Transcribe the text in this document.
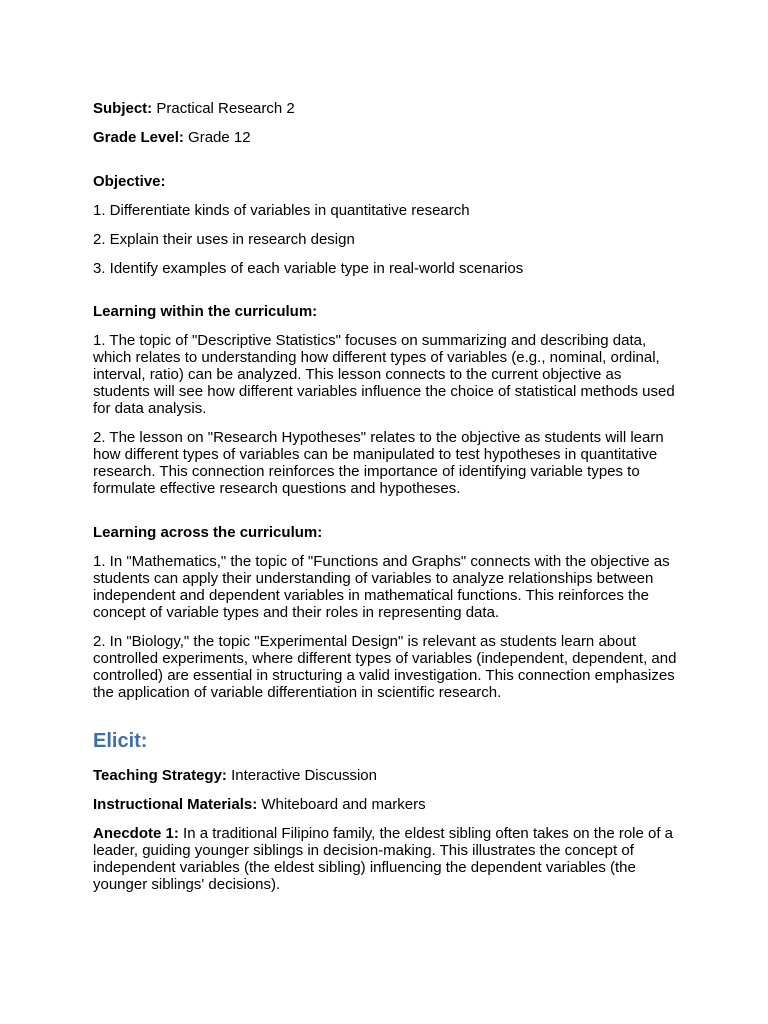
Subject: Practical Research 2

Grade Level: Grade 12

Objective:

1. Differentiate kinds of variables in quantitative research

2. Explain their uses in research design

3. Identify examples of each variable type in real-world scenarios

Learning within the curriculum:

1. The topic of "Descriptive Statistics" focuses on summarizing and describing data, which relates to understanding how different types of variables (e.g., nominal, ordinal, interval, ratio) can be analyzed. This lesson connects to the current objective as students will see how different variables influence the choice of statistical methods used for data analysis.

2. The lesson on "Research Hypotheses" relates to the objective as students will learn how different types of variables can be manipulated to test hypotheses in quantitative research. This connection reinforces the importance of identifying variable types to formulate effective research questions and hypotheses.

Learning across the curriculum:

1. In "Mathematics," the topic of "Functions and Graphs" connects with the objective as students can apply their understanding of variables to analyze relationships between independent and dependent variables in mathematical functions. This reinforces the concept of variable types and their roles in representing data.

2. In "Biology," the topic "Experimental Design" is relevant as students learn about controlled experiments, where different types of variables (independent, dependent, and controlled) are essential in structuring a valid investigation. This connection emphasizes the application of variable differentiation in scientific research.

Elicit:

Teaching Strategy: Interactive Discussion

Instructional Materials: Whiteboard and markers

Anecdote 1: In a traditional Filipino family, the eldest sibling often takes on the role of a leader, guiding younger siblings in decision-making. This illustrates the concept of independent variables (the eldest sibling) influencing the dependent variables (the younger siblings' decisions).
